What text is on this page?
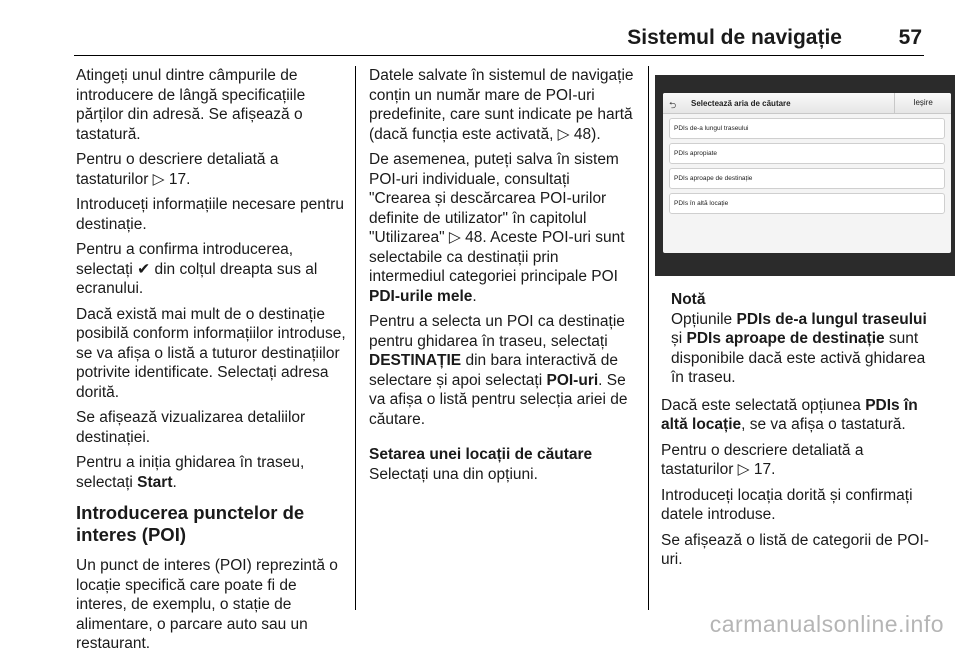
Sistemul de navigație	57

Atingeți unul dintre câmpurile de introducere de lângă specificațiile părților din adresă. Se afișează o tastatură.

Pentru o descriere detaliată a tastaturilor ▷ 17.

Introduceți informațiile necesare pentru destinație.

Pentru a confirma introducerea, selectați ✔ din colțul dreapta sus al ecranului.

Dacă există mai mult de o destinație posibilă conform informațiilor introduse, se va afișa o listă a tuturor destinațiilor potrivite identificate. Selectați adresa dorită.

Se afișează vizualizarea detaliilor destinației.

Pentru a iniția ghidarea în traseu, selectați Start.

Introducerea punctelor de interes (POI)

Un punct de interes (POI) reprezintă o locație specifică care poate fi de interes, de exemplu, o stație de alimentare, o parcare auto sau un restaurant.

Datele salvate în sistemul de navigație conțin un număr mare de POI-uri predefinite, care sunt indicate pe hartă (dacă funcția este activată, ▷ 48).

De asemenea, puteți salva în sistem POI-uri individuale, consultați "Crearea și descărcarea POI-urilor definite de utilizator" în capitolul "Utilizarea" ▷ 48. Aceste POI-uri sunt selectabile ca destinații prin intermediul categoriei principale POI PDI-urile mele.

Pentru a selecta un POI ca destinație pentru ghidarea în traseu, selectați DESTINAȚIE din bara interactivă de selectare și apoi selectați POI-uri. Se va afișa o listă pentru selecția ariei de căutare.

Setarea unei locații de căutare

Selectați una din opțiuni.

⮌ Selectează aria de căutare	Ieșire
PDIs de-a lungul traseului
PDIs apropiate
PDIs aproape de destinație
PDIs în altă locație
Notă
Opțiunile PDIs de-a lungul traseului și PDIs aproape de destinație sunt disponibile dacă este activă ghidarea în traseu.

Dacă este selectată opțiunea PDIs în altă locație, se va afișa o tastatură.

Pentru o descriere detaliată a tastaturilor ▷ 17.

Introduceți locația dorită și confirmați datele introduse.

Se afișează o listă de categorii de POI-uri.

carmanualsonline.info
